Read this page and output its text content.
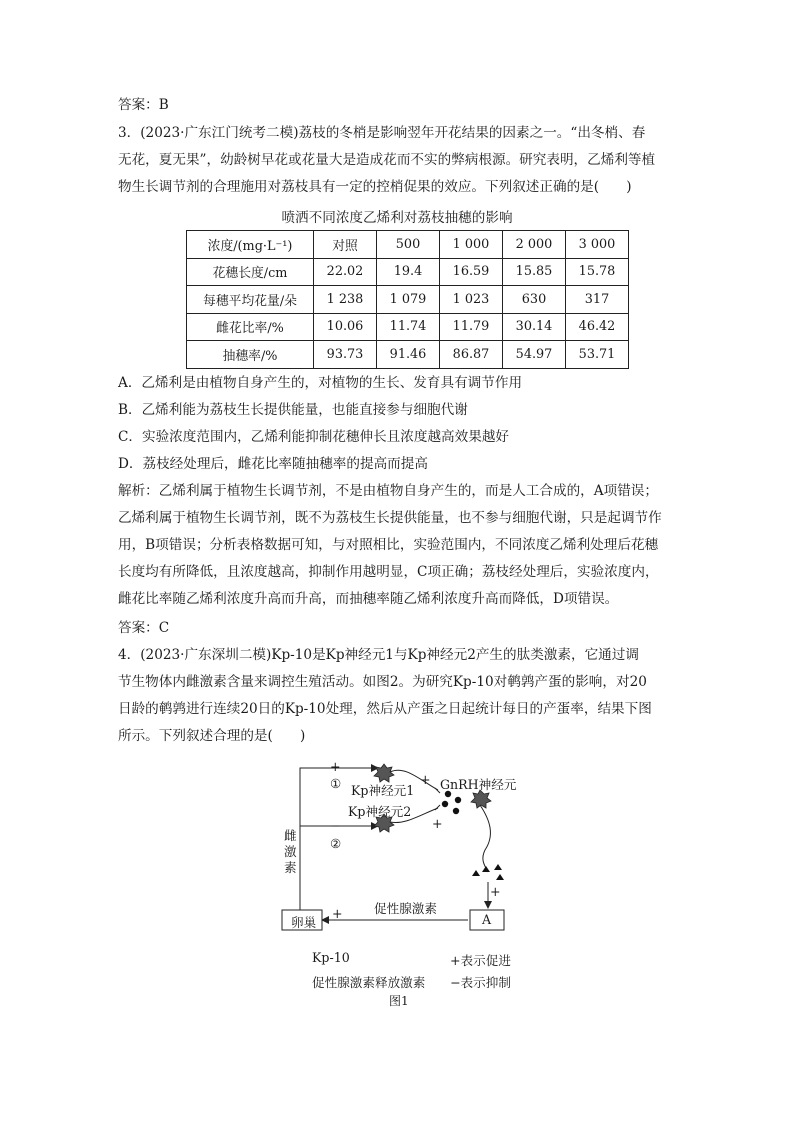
答案：B
3．(2023·广东江门统考二模)荔枝的冬梢是影响翌年开花结果的因素之一。“出冬梢、春
无花，夏无果”，幼龄树早花或花量大是造成花而不实的弊病根源。研究表明，乙烯利等植
物生长调节剂的合理施用对荔枝具有一定的控梢促果的效应。下列叙述正确的是(　　)
喷洒不同浓度乙烯利对荔枝抽穗的影响
浓度/(mg·L⁻¹)	对照	500	1 000	2 000	3 000
花穗长度/cm	22.02	19.4	16.59	15.85	15.78
每穗平均花量/朵	1 238	1 079	1 023	630	317
雌花比率/%	10.06	11.74	11.79	30.14	46.42
抽穗率/%	93.73	91.46	86.87	54.97	53.71
A．乙烯利是由植物自身产生的，对植物的生长、发育具有调节作用
B．乙烯利能为荔枝生长提供能量，也能直接参与细胞代谢
C．实验浓度范围内，乙烯利能抑制花穗伸长且浓度越高效果越好
D．荔枝经处理后，雌花比率随抽穗率的提高而提高
解析：乙烯利属于植物生长调节剂，不是由植物自身产生的，而是人工合成的，A项错误；
乙烯利属于植物生长调节剂，既不为荔枝生长提供能量，也不参与细胞代谢，只是起调节作
用，B项错误；分析表格数据可知，与对照相比，实验范围内，不同浓度乙烯利处理后花穗
长度均有所降低，且浓度越高，抑制作用越明显，C项正确；荔枝经处理后，实验浓度内，
雌花比率随乙烯利浓度升高而升高，而抽穗率随乙烯利浓度升高而降低，D项错误。
答案：C
4．(2023·广东深圳二模)Kp-10是Kp神经元1与Kp神经元2产生的肽类激素，它通过调
节生物体内雌激素含量来调控生殖活动。如图2。为研究Kp-10对鹌鹑产蛋的影响，对20
日龄的鹌鹑进行连续20日的Kp-10处理，然后从产蛋之日起统计每日的产蛋率，结果下图
所示。下列叙述合理的是(　　)
+
① Kp神经元1
+ GnRH神经元
Kp神经元2
−	+
②
雌激素
+
+ 促性腺激素
卵巢	A
Kp-10	+表示促进
促性腺激素释放激素 −表示抑制
图1
